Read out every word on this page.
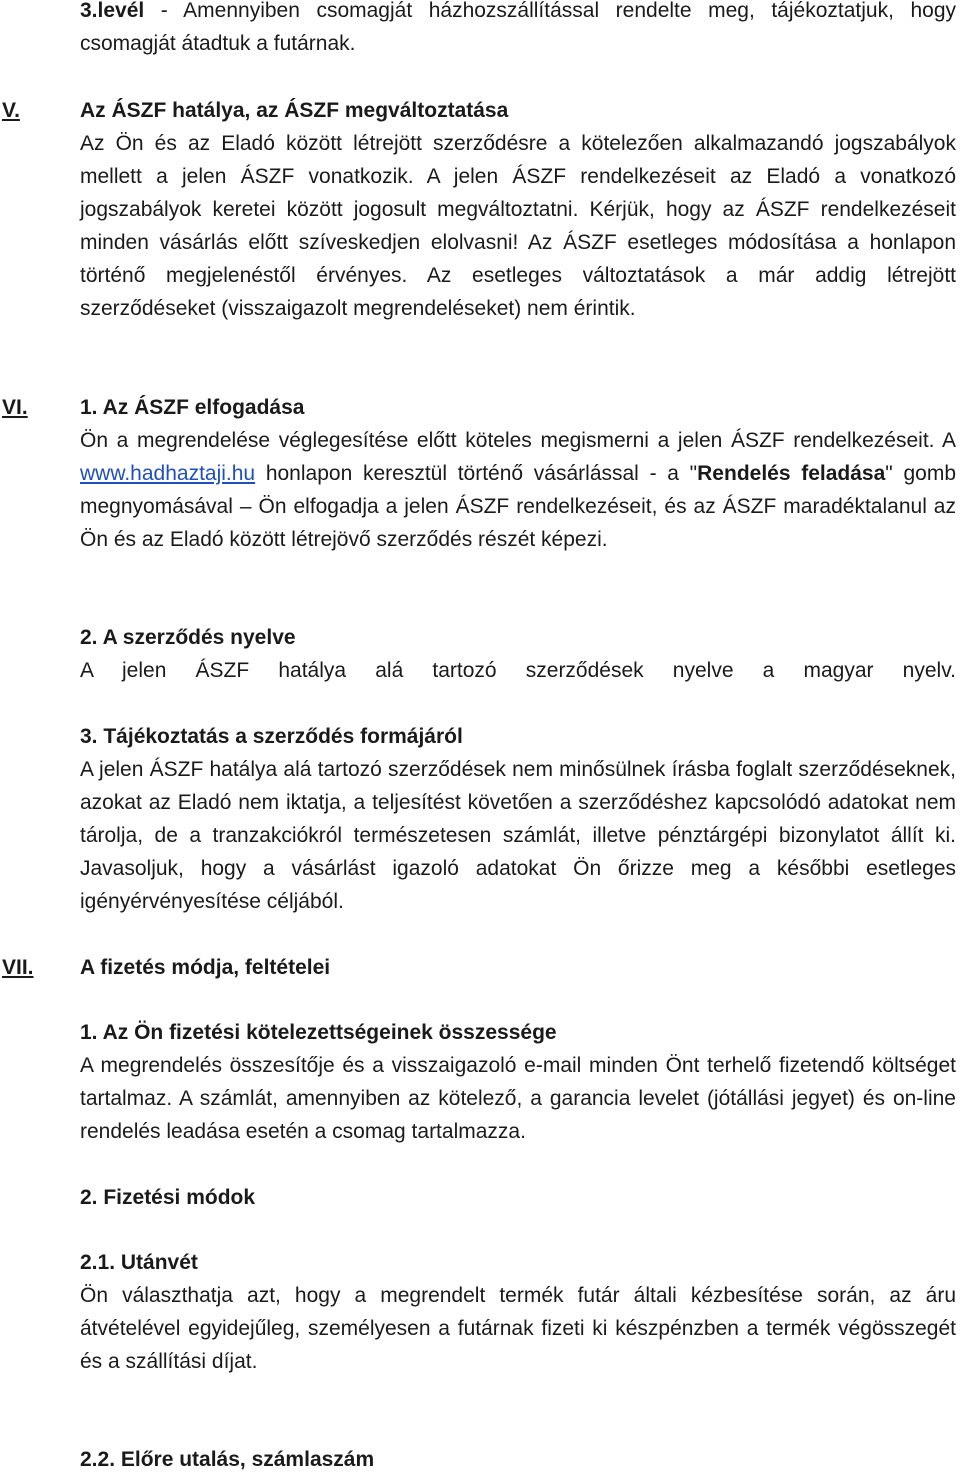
3.levél - Amennyiben csomagját házhozszállítással rendelte meg, tájékoztatjuk, hogy csomagját átadtuk a futárnak.

V.	Az ÁSZF hatálya, az ÁSZF megváltoztatása

Az Ön és az Eladó között létrejött szerződésre a kötelezően alkalmazandó jogszabályok mellett a jelen ÁSZF vonatkozik. A jelen ÁSZF rendelkezéseit az Eladó a vonatkozó jogszabályok keretei között jogosult megváltoztatni. Kérjük, hogy az ÁSZF rendelkezéseit minden vásárlás előtt szíveskedjen elolvasni! Az ÁSZF esetleges módosítása a honlapon történő megjelenéstől érvényes. Az esetleges változtatások a már addig létrejött szerződéseket (visszaigazolt megrendeléseket) nem érintik.

VI. 1. Az ÁSZF elfogadása

Ön a megrendelése véglegesítése előtt köteles megismerni a jelen ÁSZF rendelkezéseit. A www.hadhaztaji.hu honlapon keresztül történő vásárlással - a "Rendelés feladása" gomb megnyomásával – Ön elfogadja a jelen ÁSZF rendelkezéseit, és az ÁSZF maradéktalanul az Ön és az Eladó között létrejövő szerződés részét képezi.

2. A szerződés nyelve

A jelen ÁSZF hatálya alá tartozó szerződések nyelve a magyar nyelv.

3. Tájékoztatás a szerződés formájáról

A jelen ÁSZF hatálya alá tartozó szerződések nem minősülnek írásba foglalt szerződéseknek, azokat az Eladó nem iktatja, a teljesítést követően a szerződéshez kapcsolódó adatokat nem tárolja, de a tranzakciókról természetesen számlát, illetve pénztárgépi bizonylatot állít ki. Javasoljuk, hogy a vásárlást igazoló adatokat Ön őrizze meg a későbbi esetleges igényérvényesítése céljából.

VII. A fizetés módja, feltételei

1. Az Ön fizetési kötelezettségeinek összessége

A megrendelés összesítője és a visszaigazoló e-mail minden Önt terhelő fizetendő költséget tartalmaz. A számlát, amennyiben az kötelező, a garancia levelet (jótállási jegyet) és on-line rendelés leadása esetén a csomag tartalmazza.

2. Fizetési módok

2.1. Utánvét

Ön választhatja azt, hogy a megrendelt termék futár általi kézbesítése során, az áru átvételével egyidejűleg, személyesen a futárnak fizeti ki készpénzben a termék végösszegét és a szállítási díjat.

2.2. Előre utalás, számlaszám
